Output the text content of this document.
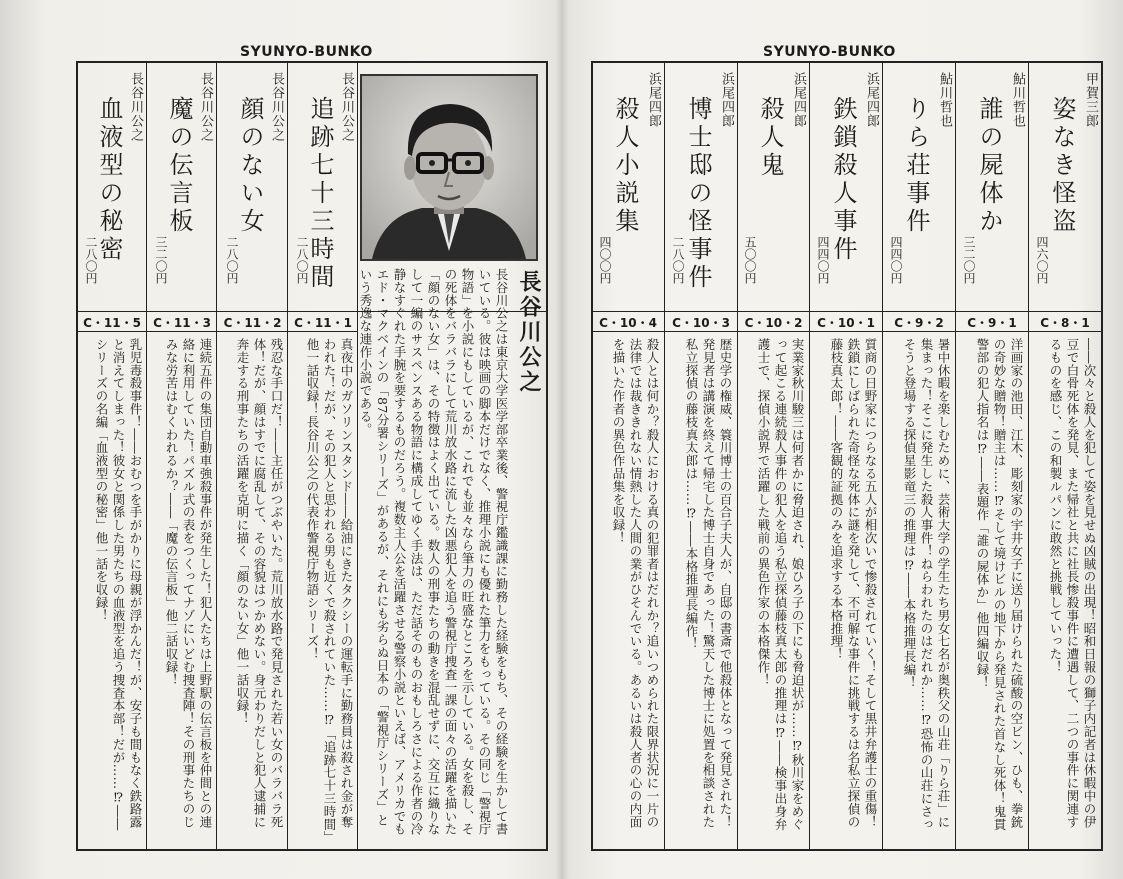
SYUNYO-BUNKO
長谷川公之
血液型の秘密
二八〇円
C・11・5
乳児毒殺事件！――おむつを手がかりに母親が浮かんだ！が、安子も間もなく鉄路露と消えてしまった！彼女と関係した男たちの血液型を追う捜査本部！だが……⁉――シリーズの名編「血液型の秘密」他一話を収録！
長谷川公之
魔の伝言板
三二〇円
C・11・3
連続五件の集団自動車強殺事件が発生した！犯人たちは上野駅の伝言板を仲間との連絡に利用していた！パズル式の表をつくってナゾにいどむ捜査陣！その刑事たちのじみな労苦はむくわれるか？――「魔の伝言板」他二話収録！
長谷川公之
顔のない女
二八〇円
C・11・2
残忍な手口だ！――主任がつぶやいた。荒川放水路で発見された若い女のバラバラ死体！だが、顔はすでに腐乱して、その容貌はつかめない。身元わりだしと犯人逮捕に奔走する刑事たちの活躍を克明に描く「顔のない女」他一話収録！
長谷川公之
追跡七十三時間
二八〇円
C・11・1
真夜中のガソリンスタンド――給油にきたタクシーの運転手に勤務員は殺され金が奪われた！だが、その犯人と思われる男も近くで殺されていた……⁉「追跡七十三時間」他一話収録！長谷川公之の代表作警視庁物語シリーズ！
長谷川公之
長谷川公之は東京大学医学部卒業後、警視庁鑑識課に勤務した経験をもち、その経験を生かして書いている。彼は映画の脚本だけでなく、推理小説にも優れた筆力をもっている。その同じ「警視庁物語」を小説にもしているが、これでも並々なら筆力の旺盛なところを示している。女を殺し、その死体をバラバラにして荒川放水路に流した凶悪犯人を追う警視庁捜査一課の面々の活躍を描いた「顔のない女」は、その特徴はよく出ている。数人の刑事たちの動きを混乱せずに、交互に織りなして一編のサスペンスある物語に構成してゆく手法は、ただ話そのものおもしろさによる作者の冷静なすぐれた手腕を要するものだろう。複数主人公を活躍させる警察小説といえば、アメリカでもエド・マクベインの「87分署シリーズ」があるが、それにも劣らぬ日本の「警視庁シリーズ」という秀逸な連作小説である。
SYUNYO-BUNKO
甲賀三郎
姿なき怪盗
四六〇円
C・8・1
――次々と殺人を犯して姿を見せぬ凶賊の出現！昭和日報の獅子内記者は休暇中の伊豆で白骨死体を発見、また帰社と共に社長惨殺事件に遭遇して、二つの事件に関連するものを感じ、この和製ルパンに敢然と挑戦していった！
鮎川哲也
誰の屍体か
三二〇円
C・9・1
洋画家の池田、江木、彫刻家の宇井女子に送り届けられた硫酸の空ビン、ひも、拳銃の奇妙な贈物！贈主は……⁉そして境けビルの地下から発見された首なし死体！鬼貫警部の犯人指名は⁉――表題作「誰の屍体か」他四編収録！
鮎川哲也
りら荘事件
四四〇円
C・9・2
暑中休暇を楽しむために、芸術大学の学生たち男女七名が奥秩父の山荘「りら荘」に集まった！そこに発生した殺人事件！ねらわれたのはだれか……⁉恐怖の山荘にさっそうと登場する探偵星影竜三の推理は⁉――本格推理長編！
浜尾四郎
鉄鎖殺人事件
四四〇円
C・10・1
質商の日野家につらなる五人が相次いで惨殺されていく！そして黒井弁護士の重傷！鉄鎖にしばられた奇怪な死体に謎を発して、不可解な事件に挑戦するは名私立探偵の藤枝真太郎！――客観的証拠のみを追求する本格推理！
浜尾四郎
殺人鬼
五〇〇円
C・10・2
実業家秋川駿三は何者かに脅迫され、娘ひろ子の下にも脅迫状が……⁉秋川家をめぐって起こる連続殺人事件の犯人を追う私立探偵藤枝真太郎の推理は⁉――検事出身弁護士で、探偵小説界で活躍した戦前の異色作家の本格傑作！
浜尾四郎
博士邸の怪事件
二八〇円
C・10・3
歴史学の権威、簑川博士の百合子夫人が、自邸の書斎で他殺体となって発見された！発見者は講演を終えて帰宅した博士自身であった！驚天した博士に処置を相談された私立探偵の藤枝真太郎は……⁉――本格推理長編作！
浜尾四郎
殺人小説集
四〇〇円
C・10・4
殺人とは何か？殺人における真の犯罪者はだれか？追いつめられた限界状況に一片の法律では裁ききれない情熱した人間の業がひそんでいる。あるいは殺人者の心の内面を描いた作者の異色作品集を収録！
